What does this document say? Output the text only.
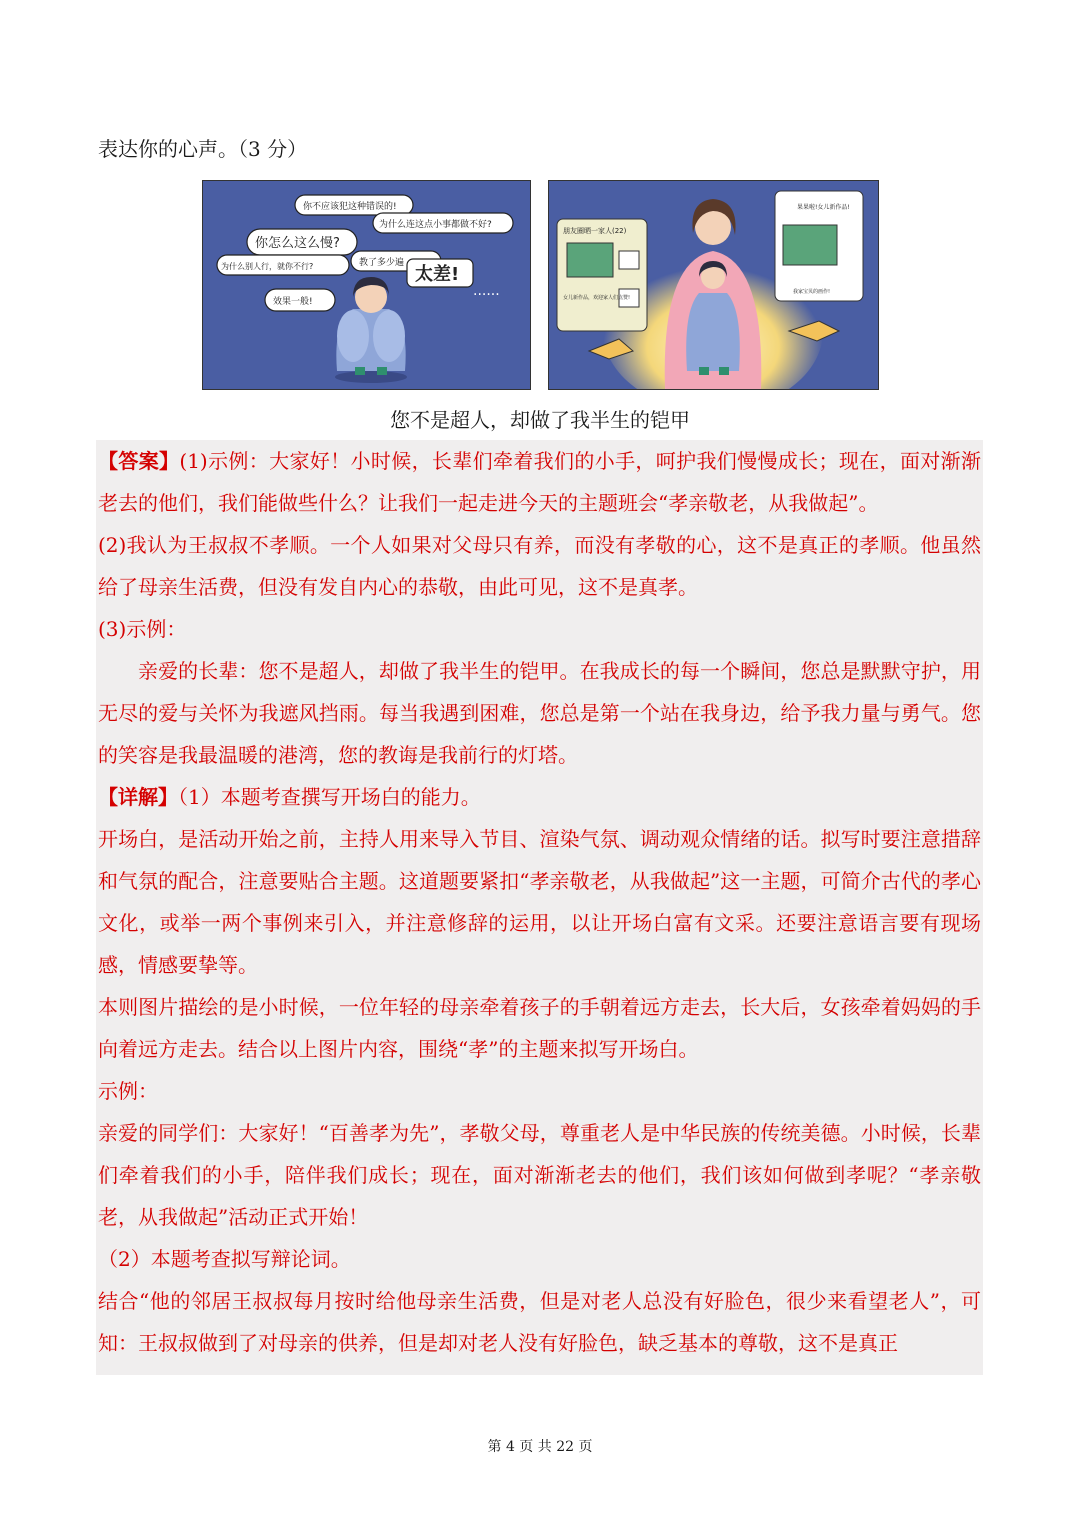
表达你的心声。（3 分）
你不应该犯这种错误的!
为什么连这点小事都做不好?
你怎么这么慢?
为什么别人行，就你不行?	教了多少遍
太差!
效果一般!	······
朋友圈晒一家人(22)
女儿新作品，欢迎家人们点赞!
果果啦!女儿新作品!
我家宝贝的画作!
您不是超人，却做了我半生的铠甲

【答案】(1)示例：大家好！小时候，长辈们牵着我们的小手，呵护我们慢慢成长；现在，面对渐渐老去的他们，我们能做些什么？让我们一起走进今天的主题班会“孝亲敬老，从我做起”。

(2)我认为王叔叔不孝顺。一个人如果对父母只有养，而没有孝敬的心，这不是真正的孝顺。他虽然给了母亲生活费，但没有发自内心的恭敬，由此可见，这不是真孝。

(3)示例：

亲爱的长辈：您不是超人，却做了我半生的铠甲。在我成长的每一个瞬间，您总是默默守护，用无尽的爱与关怀为我遮风挡雨。每当我遇到困难，您总是第一个站在我身边，给予我力量与勇气。您的笑容是我最温暖的港湾，您的教诲是我前行的灯塔。

【详解】（1）本题考查撰写开场白的能力。

开场白，是活动开始之前，主持人用来导入节目、渲染气氛、调动观众情绪的话。拟写时要注意措辞和气氛的配合，注意要贴合主题。这道题要紧扣“孝亲敬老，从我做起”这一主题，可简介古代的孝心文化，或举一两个事例来引入，并注意修辞的运用，以让开场白富有文采。还要注意语言要有现场感，情感要挚等。

本则图片描绘的是小时候，一位年轻的母亲牵着孩子的手朝着远方走去，长大后，女孩牵着妈妈的手向着远方走去。结合以上图片内容，围绕“孝”的主题来拟写开场白。

示例：

亲爱的同学们：大家好！“百善孝为先”，孝敬父母，尊重老人是中华民族的传统美德。小时候，长辈们牵着我们的小手，陪伴我们成长；现在，面对渐渐老去的他们，我们该如何做到孝呢？“孝亲敬老，从我做起”活动正式开始！

（2）本题考查拟写辩论词。

结合“他的邻居王叔叔每月按时给他母亲生活费，但是对老人总没有好脸色，很少来看望老人”，可知：王叔叔做到了对母亲的供养，但是却对老人没有好脸色，缺乏基本的尊敬，这不是真正

第 4 页 共 22 页
